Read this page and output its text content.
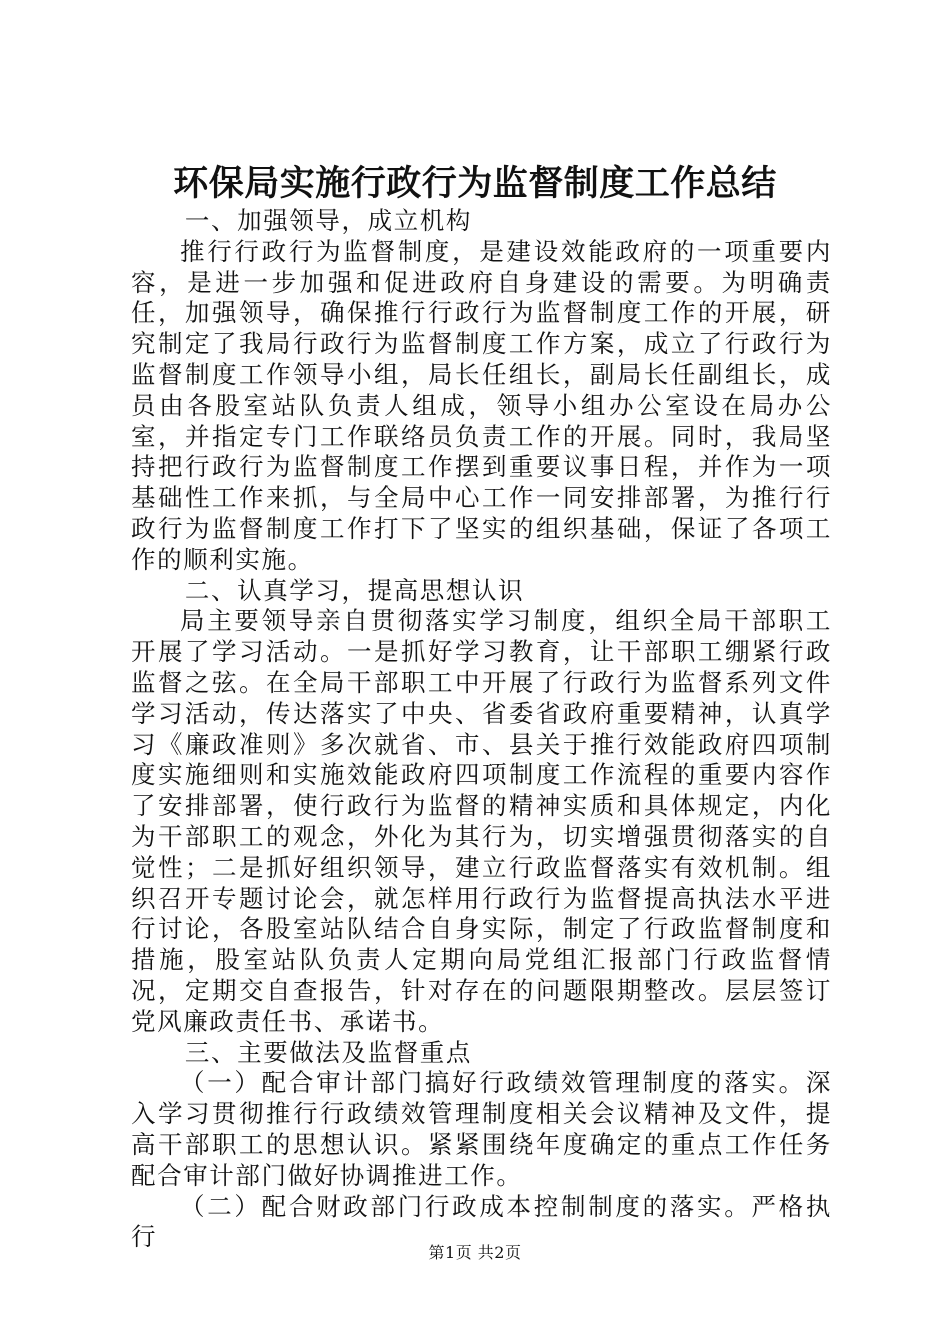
环保局实施行政行为监督制度工作总结

一、加强领导，成立机构

推行行政行为监督制度，是建设效能政府的一项重要内容，是进一步加强和促进政府自身建设的需要。为明确责任，加强领导，确保推行行政行为监督制度工作的开展，研究制定了我局行政行为监督制度工作方案，成立了行政行为监督制度工作领导小组，局长任组长，副局长任副组长，成员由各股室站队负责人组成，领导小组办公室设在局办公室，并指定专门工作联络员负责工作的开展。同时，我局坚持把行政行为监督制度工作摆到重要议事日程，并作为一项基础性工作来抓，与全局中心工作一同安排部署，为推行行政行为监督制度工作打下了坚实的组织基础，保证了各项工作的顺利实施。

二、认真学习，提高思想认识

局主要领导亲自贯彻落实学习制度，组织全局干部职工开展了学习活动。一是抓好学习教育，让干部职工绷紧行政监督之弦。在全局干部职工中开展了行政行为监督系列文件学习活动，传达落实了中央、省委省政府重要精神，认真学习《廉政准则》多次就省、市、县关于推行效能政府四项制度实施细则和实施效能政府四项制度工作流程的重要内容作了安排部署，使行政行为监督的精神实质和具体规定，内化为干部职工的观念，外化为其行为，切实增强贯彻落实的自觉性；二是抓好组织领导，建立行政监督落实有效机制。组织召开专题讨论会，就怎样用行政行为监督提高执法水平进行讨论，各股室站队结合自身实际，制定了行政监督制度和措施，股室站队负责人定期向局党组汇报部门行政监督情况，定期交自查报告，针对存在的问题限期整改。层层签订党风廉政责任书、承诺书。

三、主要做法及监督重点

（一）配合审计部门搞好行政绩效管理制度的落实。深入学习贯彻推行行政绩效管理制度相关会议精神及文件，提高干部职工的思想认识。紧紧围绕年度确定的重点工作任务配合审计部门做好协调推进工作。

（二）配合财政部门行政成本控制制度的落实。严格执行

第1页 共2页
